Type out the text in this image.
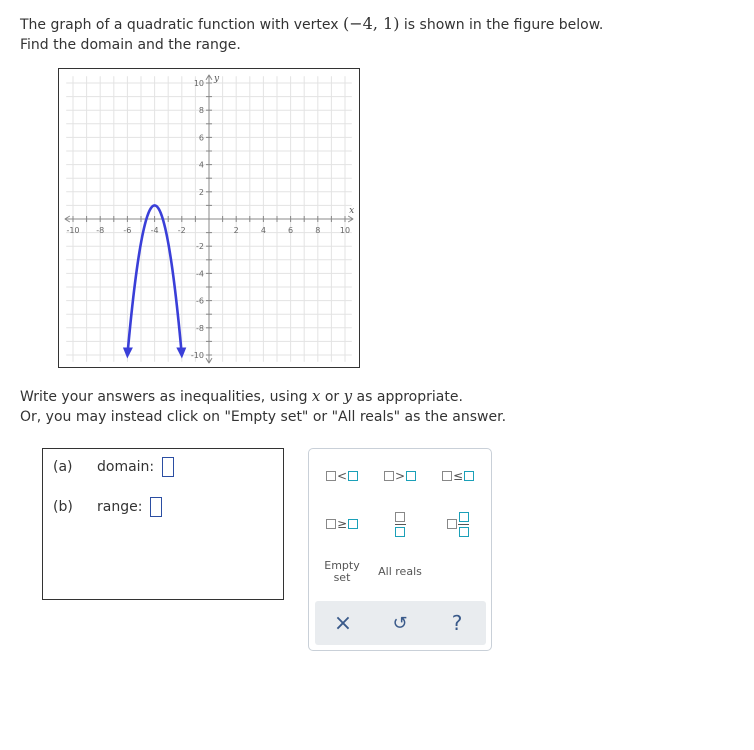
The graph of a quadratic function with vertex (−4, 1) is shown in the figure below.
Find the domain and the range.
-10 -8 -6 -4 -2	2	4	6	8 10
10
8
6
4
2
-2
-4
-6
-8
-10
x
y
Write your answers as inequalities, using x or y as appropriate.
Or, you may instead click on "Empty set" or "All reals" as the answer.
(a)	domain:
(b)	range:
<	>	≤
≥
Empty
set	All reals
× ↺ ?
